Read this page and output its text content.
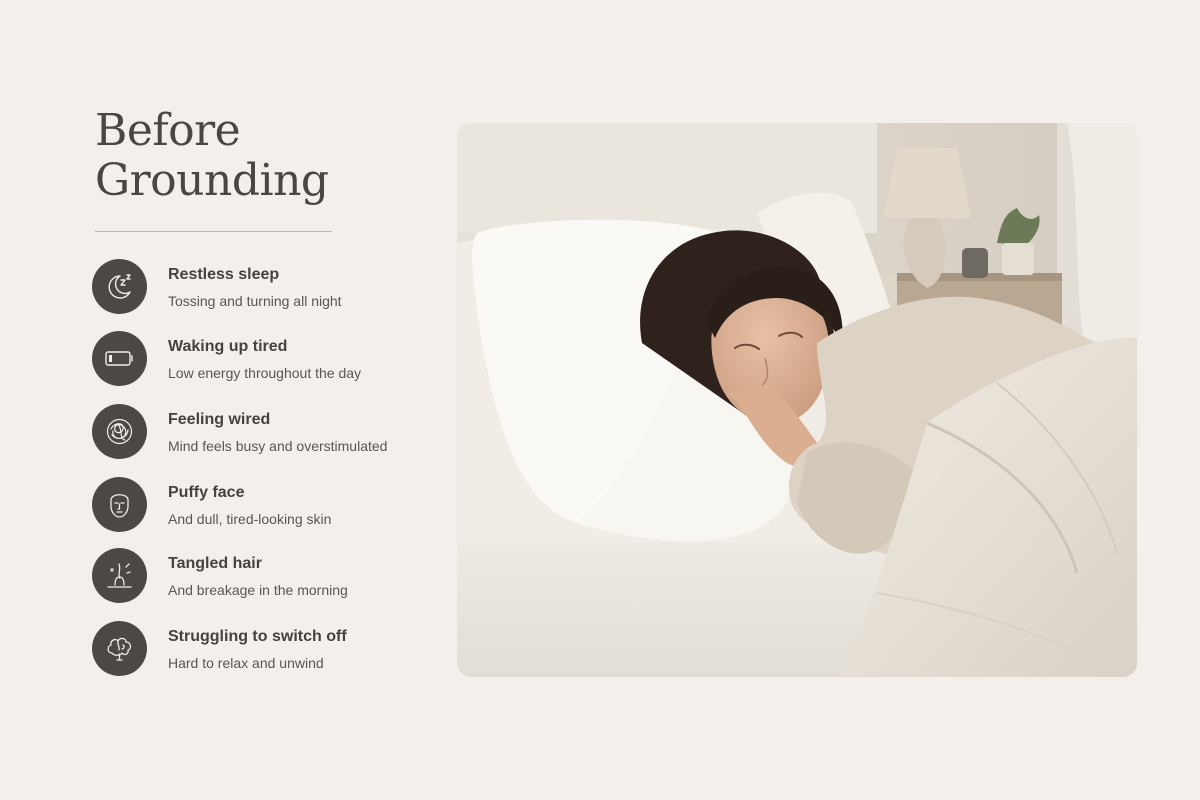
Before
Grounding
Restless sleep
Tossing and turning all night
Waking up tired
Low energy throughout the day
Feeling wired
Mind feels busy and overstimulated
Puffy face
And dull, tired-looking skin
Tangled hair
And breakage in the morning
Struggling to switch off
Hard to relax and unwind
